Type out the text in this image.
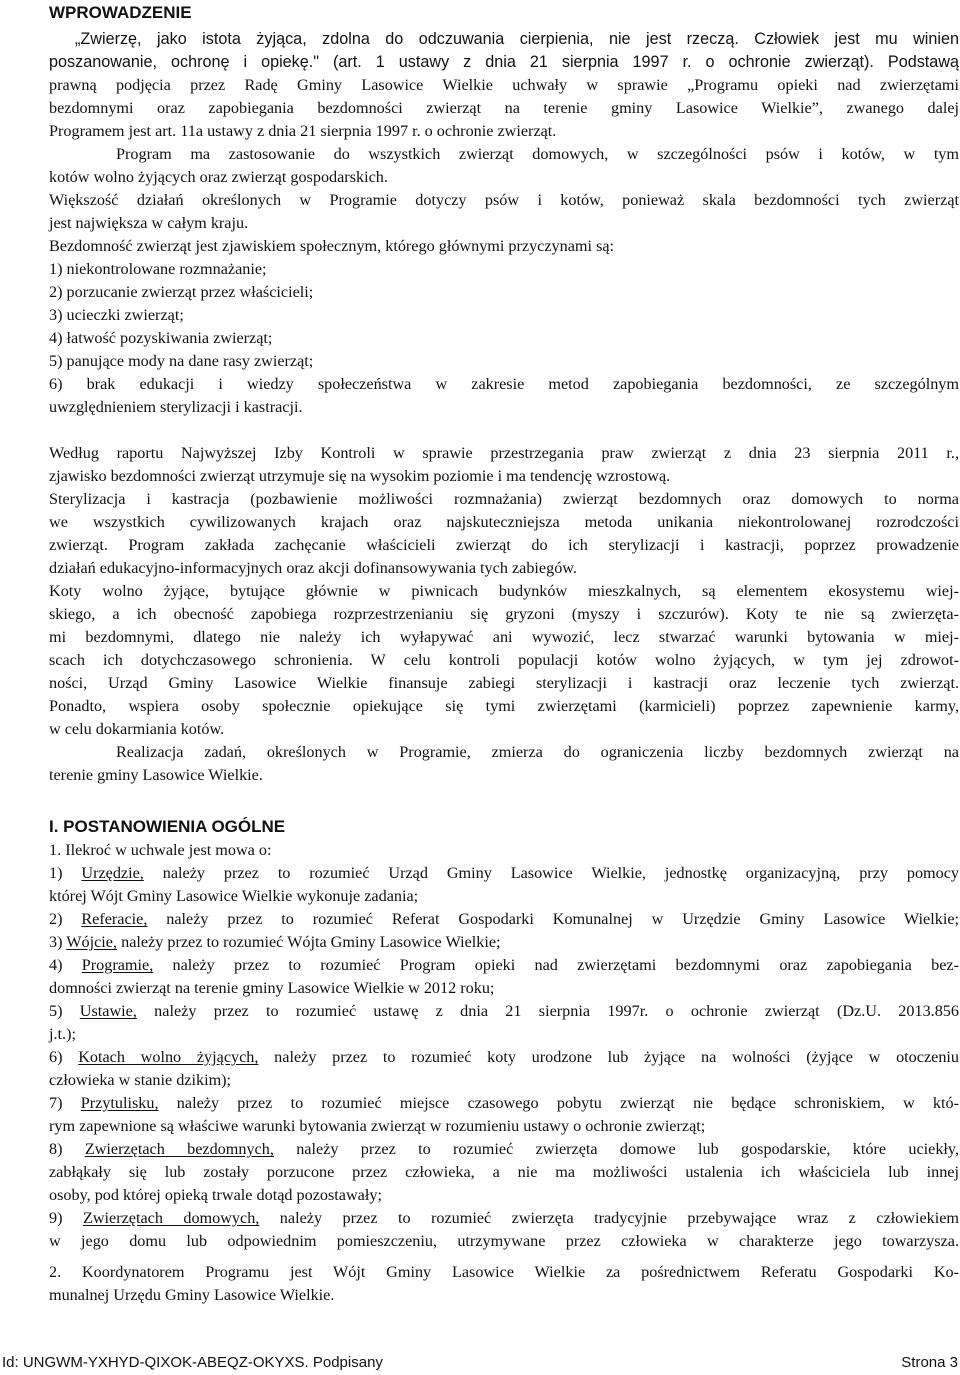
WPROWADZENIE
„Zwierzę, jako istota żyjąca, zdolna do odczuwania cierpienia, nie jest rzeczą. Człowiek jest mu winien
poszanowanie, ochronę i opiekę." (art. 1 ustawy z dnia 21 sierpnia 1997 r. o ochronie zwierząt). Podstawą
prawną podjęcia przez Radę Gminy Lasowice Wielkie uchwały w sprawie „Programu opieki nad zwierzętami
bezdomnymi oraz zapobiegania bezdomności zwierząt na terenie gminy Lasowice Wielkie”, zwanego dalej
Programem jest art. 11a ustawy z dnia 21 sierpnia 1997 r. o ochronie zwierząt.
Program ma zastosowanie do wszystkich zwierząt domowych, w szczególności psów i kotów, w tym
kotów wolno żyjących oraz zwierząt gospodarskich.
Większość działań określonych w Programie dotyczy psów i kotów, ponieważ skala bezdomności tych zwierząt
jest największa w całym kraju.
Bezdomność zwierząt jest zjawiskiem społecznym, którego głównymi przyczynami są:
1) niekontrolowane rozmnażanie;
2) porzucanie zwierząt przez właścicieli;
3) ucieczki zwierząt;
4) łatwość pozyskiwania zwierząt;
5) panujące mody na dane rasy zwierząt;
6) brak edukacji i wiedzy społeczeństwa w zakresie metod zapobiegania bezdomności, ze szczególnym
uwzględnieniem sterylizacji i kastracji.
Według raportu Najwyższej Izby Kontroli w sprawie przestrzegania praw zwierząt z dnia 23 sierpnia 2011 r.,
zjawisko bezdomności zwierząt utrzymuje się na wysokim poziomie i ma tendencję wzrostową.
Sterylizacja i kastracja (pozbawienie możliwości rozmnażania) zwierząt bezdomnych oraz domowych to norma
we wszystkich cywilizowanych krajach oraz najskuteczniejsza metoda unikania niekontrolowanej rozrodczości
zwierząt. Program zakłada zachęcanie właścicieli zwierząt do ich sterylizacji i kastracji, poprzez prowadzenie
działań edukacyjno-informacyjnych oraz akcji dofinansowywania tych zabiegów.
Koty wolno żyjące, bytujące głównie w piwnicach budynków mieszkalnych, są elementem ekosystemu wiej-
skiego, a ich obecność zapobiega rozprzestrzenianiu się gryzoni (myszy i szczurów). Koty te nie są zwierzęta-
mi bezdomnymi, dlatego nie należy ich wyłapywać ani wywozić, lecz stwarzać warunki bytowania w miej-
scach ich dotychczasowego schronienia. W celu kontroli populacji kotów wolno żyjących, w tym jej zdrowot-
ności, Urząd Gminy Lasowice Wielkie finansuje zabiegi sterylizacji i kastracji oraz leczenie tych zwierząt.
Ponadto, wspiera osoby społecznie opiekujące się tymi zwierzętami (karmicieli) poprzez zapewnienie karmy,
w celu dokarmiania kotów.
Realizacja zadań, określonych w Programie, zmierza do ograniczenia liczby bezdomnych zwierząt na
terenie gminy Lasowice Wielkie.
I. POSTANOWIENIA OGÓLNE
1. Ilekroć w uchwale jest mowa o:
1) Urzędzie, należy przez to rozumieć Urząd Gminy Lasowice Wielkie, jednostkę organizacyjną, przy pomocy
której Wójt Gminy Lasowice Wielkie wykonuje zadania;
2) Referacie, należy przez to rozumieć Referat Gospodarki Komunalnej w Urzędzie Gminy Lasowice Wielkie;
3) Wójcie, należy przez to rozumieć Wójta Gminy Lasowice Wielkie;
4) Programie, należy przez to rozumieć Program opieki nad zwierzętami bezdomnymi oraz zapobiegania bez-
domności zwierząt na terenie gminy Lasowice Wielkie w 2012 roku;
5) Ustawie, należy przez to rozumieć ustawę z dnia 21 sierpnia 1997r. o ochronie zwierząt (Dz.U. 2013.856
j.t.);
6) Kotach wolno żyjących, należy przez to rozumieć koty urodzone lub żyjące na wolności (żyjące w otoczeniu
człowieka w stanie dzikim);
7) Przytulisku, należy przez to rozumieć miejsce czasowego pobytu zwierząt nie będące schroniskiem, w któ-
rym zapewnione są właściwe warunki bytowania zwierząt w rozumieniu ustawy o ochronie zwierząt;
8) Zwierzętach bezdomnych, należy przez to rozumieć zwierzęta domowe lub gospodarskie, które uciekły,
zabłąkały się lub zostały porzucone przez człowieka, a nie ma możliwości ustalenia ich właściciela lub innej
osoby, pod której opieką trwale dotąd pozostawały;
9) Zwierzętach domowych, należy przez to rozumieć zwierzęta tradycyjnie przebywające wraz z człowiekiem
w jego domu lub odpowiednim pomieszczeniu, utrzymywane przez człowieka w charakterze jego towarzysza.
2. Koordynatorem Programu jest Wójt Gminy Lasowice Wielkie za pośrednictwem Referatu Gospodarki Ko-
munalnej Urzędu Gminy Lasowice Wielkie.
Id: UNGWM-YXHYD-QIXOK-ABEQZ-OKYXS. Podpisany	Strona 3
